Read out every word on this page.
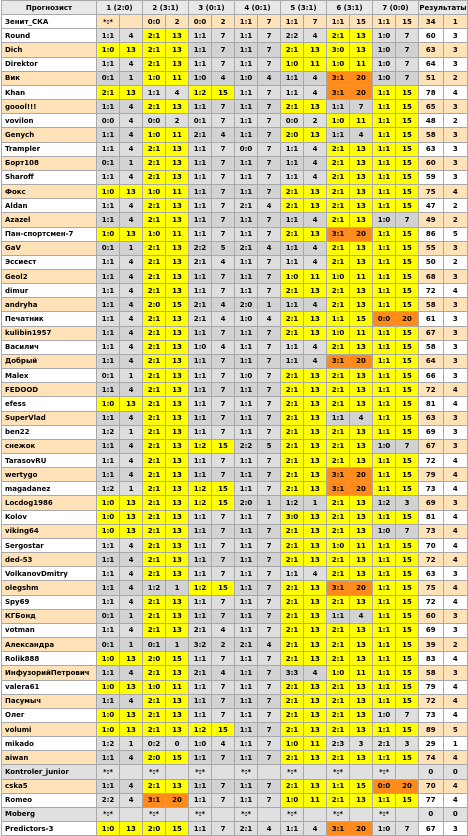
Прогнозист	1 (2:0)		2 (3:1)		3 (0:1)		4 (0:1)		5 (3:1)		6 (3:1)		7 (0:0)		Результаты	
Зенит_СКА	*:*		0:0	2	0:0	2	1:1	7	1:1	7	1:1	15	1:1	15	34	1
Round	1:1	4	2:1	13	1:1	7	1:1	7	2:2	4	2:1	13	1:0	7	60	3
Dich	1:0	13	2:1	13	1:1	7	1:1	7	2:1	13	3:0	13	1:0	7	63	3
Direktor	1:1	4	2:1	13	1:1	7	1:1	7	1:0	11	1:0	11	1:0	7	64	3
Вик	0:1	1	1:0	11	1:0	4	1:0	4	1:1	4	3:1	20	1:0	7	51	2
Khan	2:1	13	1:1	4	1:2	15	1:1	7	1:1	4	3:1	20	1:1	15	78	4
goool!!!	1:1	4	2:1	13	1:1	7	1:1	7	2:1	13	1:1	7	1:1	15	65	3
vovilon	0:0	4	0:0	2	0:1	7	1:1	7	0:0	2	1:0	11	1:1	15	48	2
Genych	1:1	4	1:0	11	2:1	4	1:1	7	2:0	13	1:1	4	1:1	15	58	3
Trampler	1:1	4	2:1	13	1:1	7	0:0	7	1:1	4	2:1	13	1:1	15	63	3
Борт108	0:1	1	2:1	13	1:1	7	1:1	7	1:1	4	2:1	13	1:1	15	60	3
Sharoff	1:1	4	2:1	13	1:1	7	1:1	7	1:1	4	2:1	13	1:1	15	59	3
Фокс	1:0	13	1:0	11	1:1	7	1:1	7	2:1	13	2:1	13	1:1	15	75	4
Aldan	1:1	4	2:1	13	1:1	7	2:1	4	2:1	13	2:1	13	1:1	15	47	2
Azazel	1:1	4	2:1	13	1:1	7	1:1	7	1:1	4	2:1	13	1:0	7	49	2
Пан-спортсмен-7	1:0	13	1:0	11	1:1	7	1:1	7	2:1	13	3:1	20	1:1	15	86	5
GaV	0:1	1	2:1	13	2:2	5	2:1	4	1:1	4	2:1	13	1:1	15	55	3
Эссиест	1:1	4	2:1	13	2:1	4	1:1	7	1:1	4	2:1	13	1:1	15	50	2
Geol2	1:1	4	2:1	13	1:1	7	1:1	7	1:0	11	1:0	11	1:1	15	68	3
dimur	1:1	4	2:1	13	1:1	7	1:1	7	2:1	13	2:1	13	1:1	15	72	4
andryha	1:1	4	2:0	15	2:1	4	2:0	1	1:1	4	2:1	13	1:1	15	58	3
Печатник	1:1	4	2:1	13	2:1	4	1:0	4	2:1	13	1:1	15	0:0	20	61	3
kulibin1957	1:1	4	2:1	13	1:1	7	1:1	7	2:1	13	1:0	11	1:1	15	67	3
Василич	1:1	4	2:1	13	1:0	4	1:1	7	1:1	4	2:1	13	1:1	15	58	3
Добрый	1:1	4	2:1	13	1:1	7	1:1	7	1:1	4	3:1	20	1:1	15	64	3
Malex	0:1	1	2:1	13	1:1	7	1:0	7	2:1	13	2:1	13	1:1	15	66	3
FEDOOD	1:1	4	2:1	13	1:1	7	1:1	7	2:1	13	2:1	13	1:1	15	72	4
efess	1:0	13	2:1	13	1:1	7	1:1	7	2:1	13	2:1	13	1:1	15	81	4
SuperVlad	1:1	4	2:1	13	1:1	7	1:1	7	2:1	13	1:1	4	1:1	15	63	3
ben22	1:2	1	2:1	13	1:1	7	1:1	7	2:1	13	2:1	13	1:1	15	69	3
снежок	1:1	4	2:1	13	1:2	15	2:2	5	2:1	13	2:1	13	1:0	7	67	3
TarasovRU	1:1	4	2:1	13	1:1	7	1:1	7	2:1	13	2:1	13	1:1	15	72	4
wertygo	1:1	4	2:1	13	1:1	7	1:1	7	2:1	13	3:1	20	1:1	15	79	4
magadanez	1:2	1	2:1	13	1:2	15	1:1	7	2:1	13	3:1	20	1:1	15	73	4
Locdog1986	1:0	13	2:1	13	1:2	15	2:0	1	1:2	1	2:1	13	1:2	3	69	3
Kolov	1:0	13	2:1	13	1:1	7	1:1	7	3:0	13	2:1	13	1:1	15	81	4
viking64	1:0	13	2:1	13	1:1	7	1:1	7	2:1	13	2:1	13	1:0	7	73	4
Sergostar	1:1	4	2:1	13	1:1	7	1:1	7	2:1	13	1:0	11	1:1	15	70	4
ded-53	1:1	4	2:1	13	1:1	7	1:1	7	2:1	13	2:1	13	1:1	15	72	4
VolkanovDmitry	1:1	4	2:1	13	1:1	7	1:1	7	1:1	4	2:1	13	1:1	15	63	3
olegshm	1:1	4	1:2	1	1:2	15	1:1	7	2:1	13	3:1	20	1:1	15	75	4
Spy69	1:1	4	2:1	13	1:1	7	1:1	7	2:1	13	2:1	13	1:1	15	72	4
КГБонд	0:1	1	2:1	13	1:1	7	1:1	7	2:1	13	1:1	4	1:1	15	60	3
votman	1:1	4	2:1	13	2:1	4	1:1	7	2:1	13	2:1	13	1:1	15	69	3
Александра	0:1	1	0:1	1	3:2	2	2:1	4	2:1	13	2:1	13	1:1	15	39	2
Rolik888	1:0	13	2:0	15	1:1	7	1:1	7	2:1	13	2:1	13	1:1	15	83	4
ИнфузорийПетрович	1:1	4	2:1	13	2:1	4	1:1	7	3:3	4	1:0	11	1:1	15	58	3
valera61	1:0	13	1:0	11	1:1	7	1:1	7	2:1	13	2:1	13	1:1	15	79	4
Пасумыч	1:1	4	2:1	13	1:1	7	1:1	7	2:1	13	2:1	13	1:1	15	72	4
Олег	1:0	13	2:1	13	1:1	7	1:1	7	2:1	13	2:1	13	1:0	7	73	4
volumi	1:0	13	2:1	13	1:2	15	1:1	7	2:1	13	2:1	13	1:1	15	89	5
mikado	1:2	1	0:2	0	1:0	4	1:1	7	1:0	11	2:3	3	2:1	3	29	1
aiwan	1:1	4	2:0	15	1:1	7	1:1	7	2:1	13	2:1	13	1:1	15	74	4
Kontroler_junior	*:*		*:*		*:*		*:*		*:*		*:*		*:*		0	0
cska5	1:1	4	2:1	13	1:1	7	1:1	7	2:1	13	1:1	15	0:0	20	70	4
Romeo	2:2	4	3:1	20	1:1	7	1:1	7	1:0	11	2:1	13	1:1	15	77	4
Moberg	*:*		*:*		*:*		*:*		*:*		*:*		*:*		0	0
Predictors-3	1:0	13	2:0	15	1:1	7	2:1	4	1:1	4	3:1	20	1:0	7	67	3
